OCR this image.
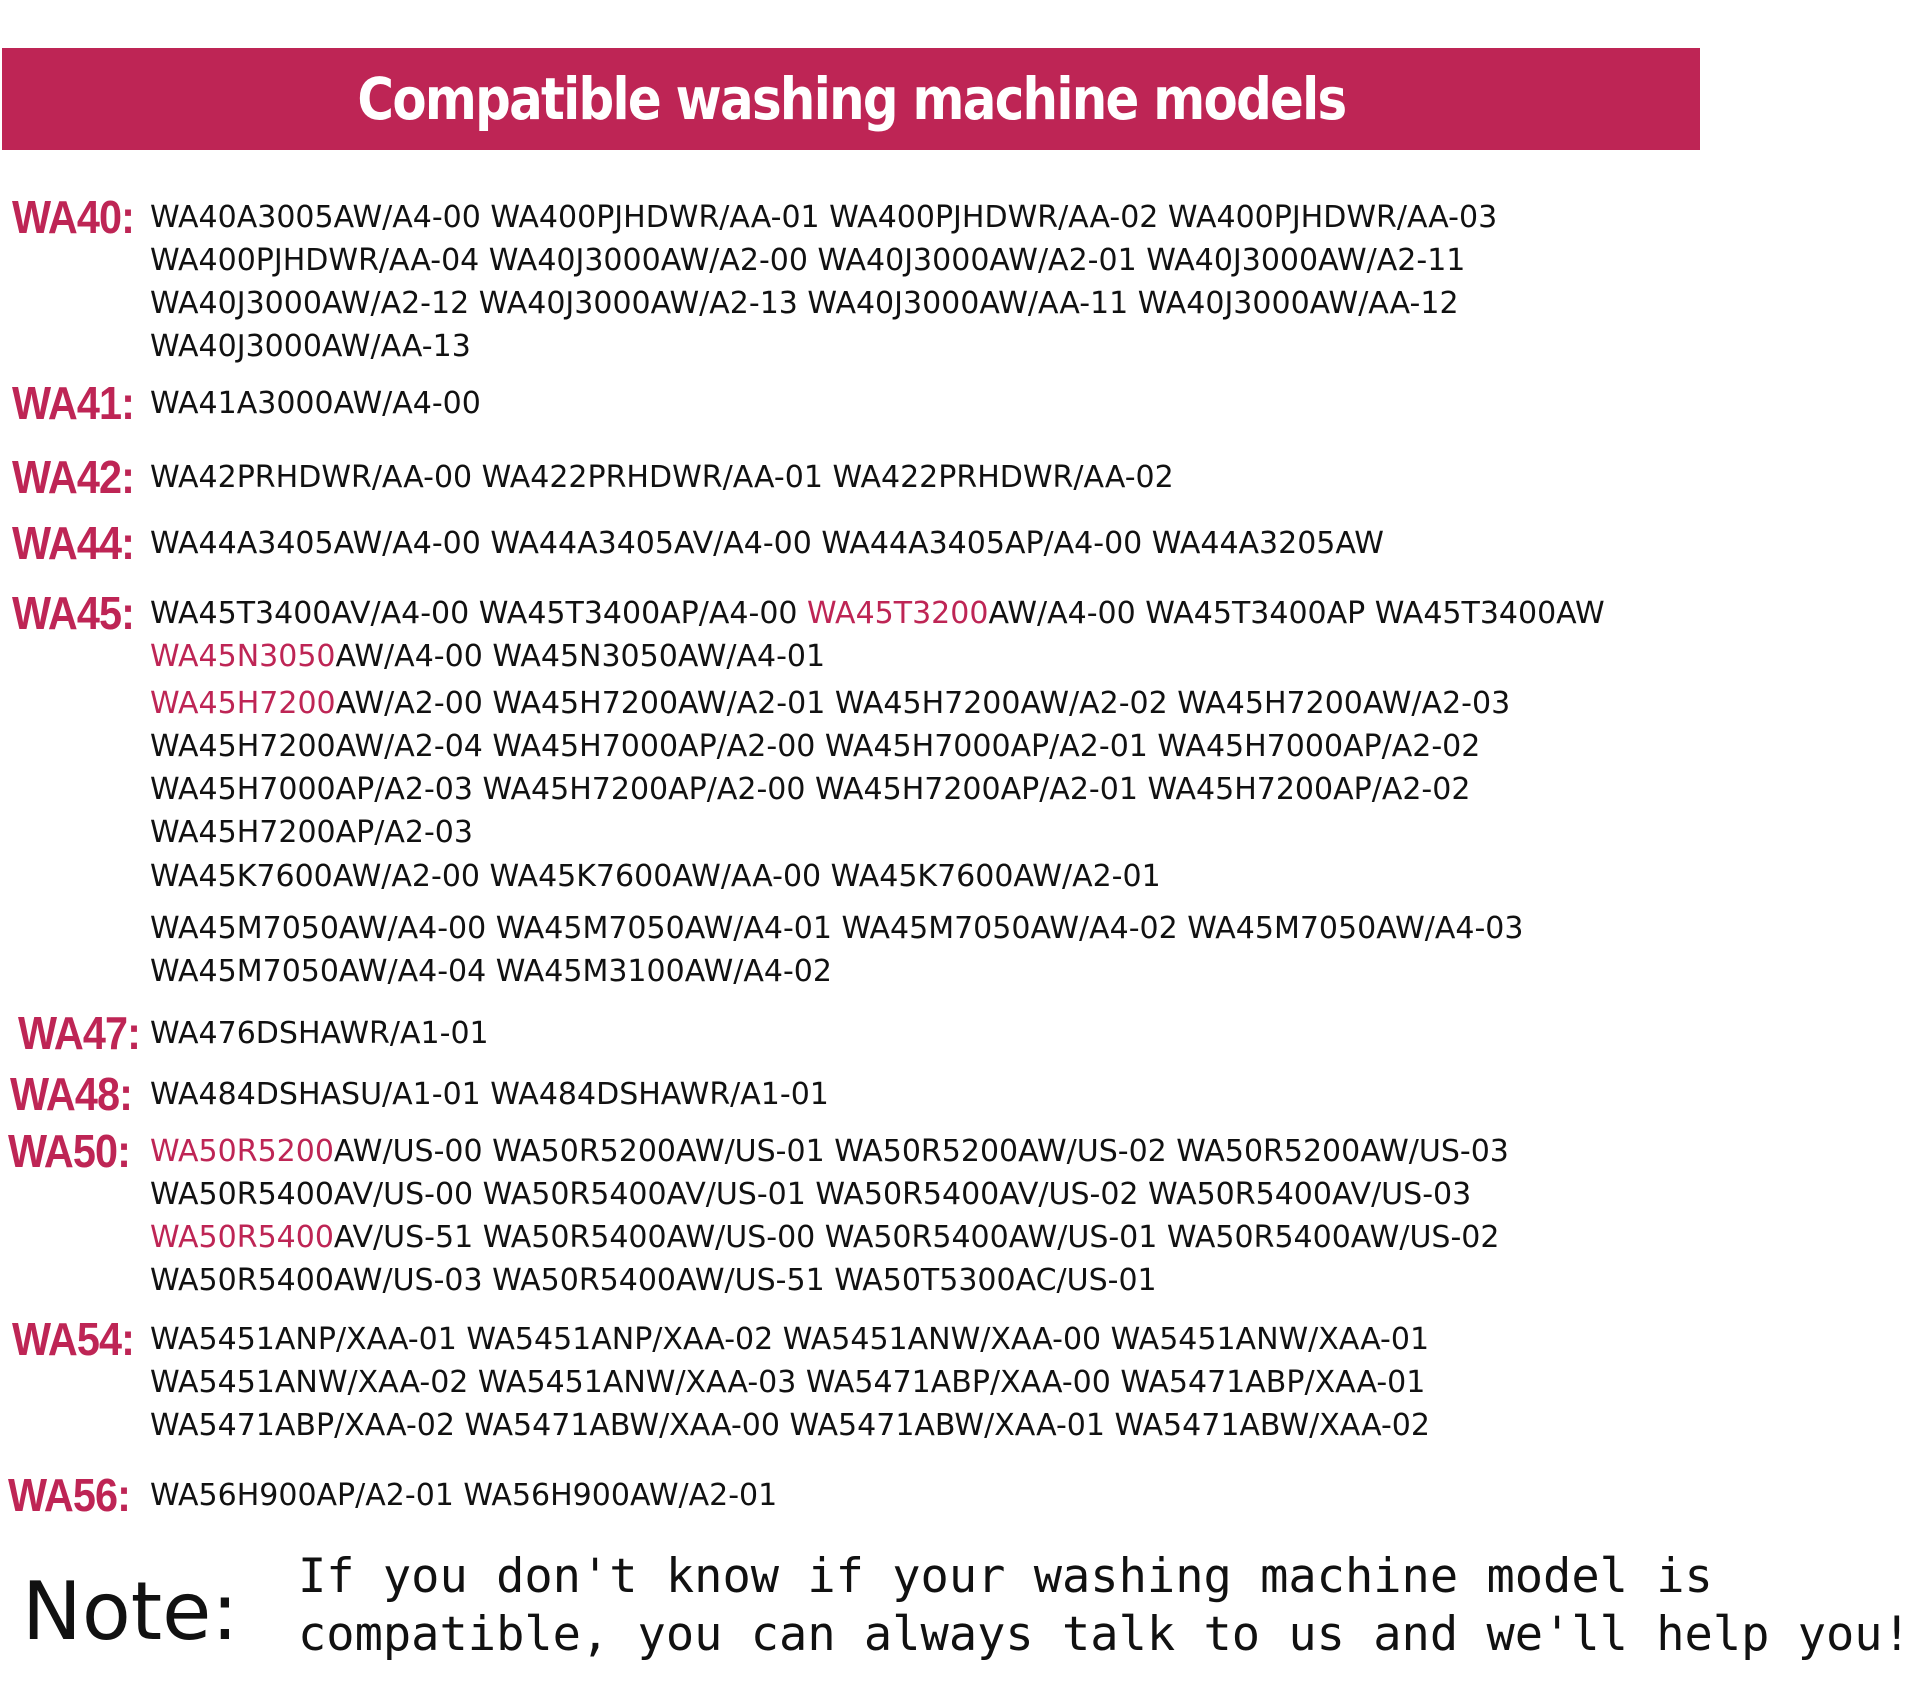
Compatible washing machine models
WA40: WA40A3005AW/A4-00 WA400PJHDWR/AA-01 WA400PJHDWR/AA-02 WA400PJHDWR/AA-03
WA400PJHDWR/AA-04 WA40J3000AW/A2-00 WA40J3000AW/A2-01 WA40J3000AW/A2-11
WA40J3000AW/A2-12 WA40J3000AW/A2-13 WA40J3000AW/AA-11 WA40J3000AW/AA-12
WA40J3000AW/AA-13
WA41: WA41A3000AW/A4-00
WA42: WA42PRHDWR/AA-00 WA422PRHDWR/AA-01 WA422PRHDWR/AA-02
WA44: WA44A3405AW/A4-00 WA44A3405AV/A4-00 WA44A3405AP/A4-00 WA44A3205AW
WA45: WA45T3400AV/A4-00 WA45T3400AP/A4-00 WA45T3200AW/A4-00 WA45T3400AP WA45T3400AW
WA45N3050AW/A4-00 WA45N3050AW/A4-01
WA45H7200AW/A2-00 WA45H7200AW/A2-01 WA45H7200AW/A2-02 WA45H7200AW/A2-03
WA45H7200AW/A2-04 WA45H7000AP/A2-00 WA45H7000AP/A2-01 WA45H7000AP/A2-02
WA45H7000AP/A2-03 WA45H7200AP/A2-00 WA45H7200AP/A2-01 WA45H7200AP/A2-02
WA45H7200AP/A2-03
WA45K7600AW/A2-00 WA45K7600AW/AA-00 WA45K7600AW/A2-01
WA45M7050AW/A4-00 WA45M7050AW/A4-01 WA45M7050AW/A4-02 WA45M7050AW/A4-03
WA45M7050AW/A4-04 WA45M3100AW/A4-02
WA47: WA476DSHAWR/A1-01
WA48: WA484DSHASU/A1-01 WA484DSHAWR/A1-01
WA50: WA50R5200AW/US-00 WA50R5200AW/US-01 WA50R5200AW/US-02 WA50R5200AW/US-03
WA50R5400AV/US-00 WA50R5400AV/US-01 WA50R5400AV/US-02 WA50R5400AV/US-03
WA50R5400AV/US-51 WA50R5400AW/US-00 WA50R5400AW/US-01 WA50R5400AW/US-02
WA50R5400AW/US-03 WA50R5400AW/US-51 WA50T5300AC/US-01
WA54: WA5451ANP/XAA-01 WA5451ANP/XAA-02 WA5451ANW/XAA-00 WA5451ANW/XAA-01
WA5451ANW/XAA-02 WA5451ANW/XAA-03 WA5471ABP/XAA-00 WA5471ABP/XAA-01
WA5471ABP/XAA-02 WA5471ABW/XAA-00 WA5471ABW/XAA-01 WA5471ABW/XAA-02
WA56: WA56H900AP/A2-01 WA56H900AW/A2-01
Note: If you don't know if your washing machine model is
compatible, you can always talk to us and we'll help you!
